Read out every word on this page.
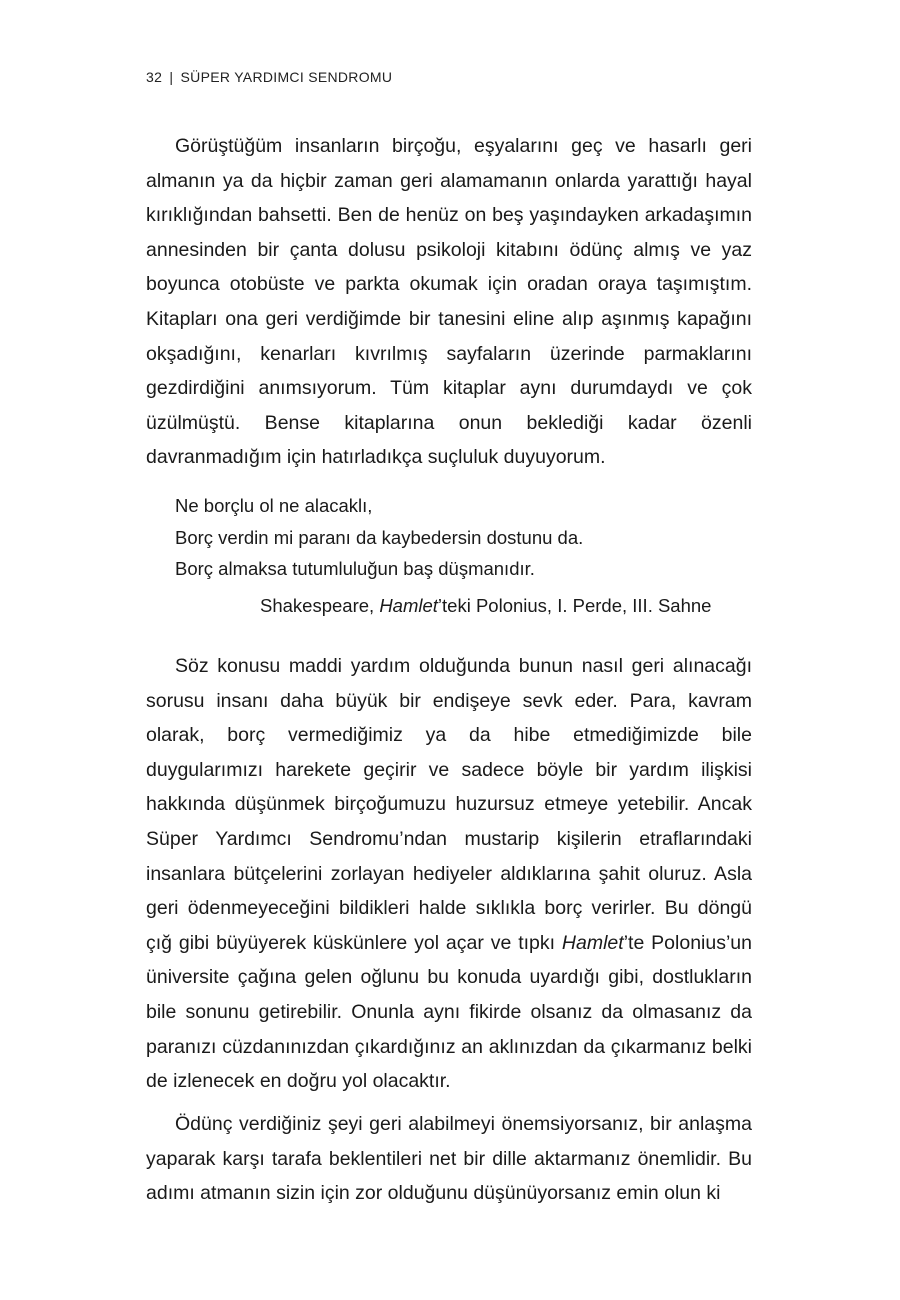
32 | SÜPER YARDIMCI SENDROMU

Görüştüğüm insanların birçoğu, eşyalarını geç ve hasarlı geri almanın ya da hiçbir zaman geri alamamanın onlarda yarattığı hayal kırıklığından bahsetti. Ben de henüz on beş yaşındayken arkadaşımın annesinden bir çanta dolusu psikoloji kitabını ödünç almış ve yaz boyunca otobüste ve parkta okumak için oradan oraya taşımıştım. Kitapları ona geri verdiğimde bir tanesini eline alıp aşınmış kapağını okşadığını, kenarları kıvrılmış sayfaların üzerinde parmaklarını gezdirdiğini anımsıyorum. Tüm kitaplar aynı durumdaydı ve çok üzülmüştü. Bense kitaplarına onun beklediği kadar özenli davranmadığım için hatırladıkça suçluluk duyuyorum.

Ne borçlu ol ne alacaklı,
Borç verdin mi paranı da kaybedersin dostunu da.
Borç almaksa tutumluluğun baş düşmanıdır.
Shakespeare, Hamlet’teki Polonius, I. Perde, III. Sahne

Söz konusu maddi yardım olduğunda bunun nasıl geri alınacağı sorusu insanı daha büyük bir endişeye sevk eder. Para, kavram olarak, borç vermediğimiz ya da hibe etmediğimizde bile duygularımızı harekete geçirir ve sadece böyle bir yardım ilişkisi hakkında düşünmek birçoğumuzu huzursuz etmeye yetebilir. Ancak Süper Yardımcı Sendromu’ndan mustarip kişilerin etraflarındaki insanlara bütçelerini zorlayan hediyeler aldıklarına şahit oluruz. Asla geri ödenmeyeceğini bildikleri halde sıklıkla borç verirler. Bu döngü çığ gibi büyüyerek küskünlere yol açar ve tıpkı Hamlet’te Polonius’un üniversite çağına gelen oğlunu bu konuda uyardığı gibi, dostlukların bile sonunu getirebilir. Onunla aynı fikirde olsanız da olmasanız da paranızı cüzdanınızdan çıkardığınız an aklınızdan da çıkarmanız belki de izlenecek en doğru yol olacaktır.

Ödünç verdiğiniz şeyi geri alabilmeyi önemsiyorsanız, bir anlaşma yaparak karşı tarafa beklentileri net bir dille aktarmanız önemlidir. Bu adımı atmanın sizin için zor olduğunu düşünüyorsanız emin olun ki
